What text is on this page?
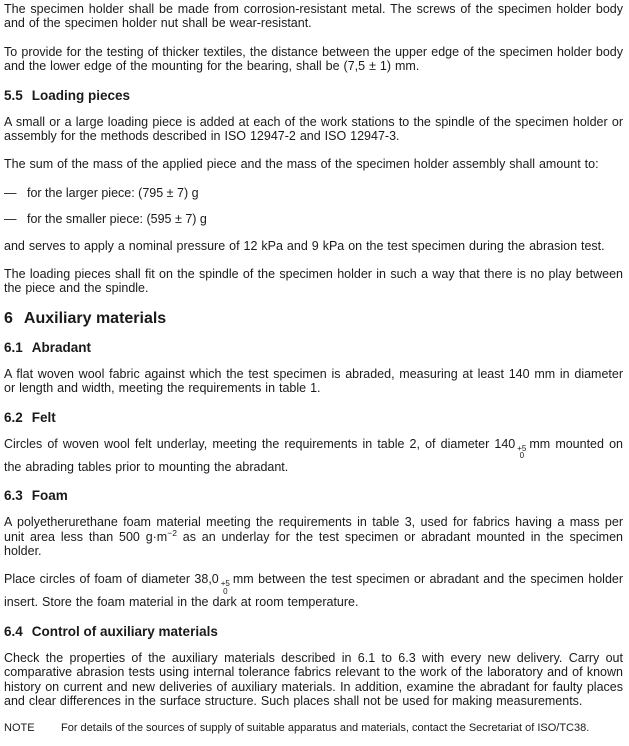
The specimen holder shall be made from corrosion-resistant metal. The screws of the specimen holder body and of the specimen holder nut shall be wear-resistant.

To provide for the testing of thicker textiles, the distance between the upper edge of the specimen holder body and the lower edge of the mounting for the bearing, shall be (7,5 ± 1) mm.

5.5 Loading pieces

A small or a large loading piece is added at each of the work stations to the spindle of the specimen holder or assembly for the methods described in ISO 12947-2 and ISO 12947-3.

The sum of the mass of the applied piece and the mass of the specimen holder assembly shall amount to:

— for the larger piece: (795 ± 7) g
— for the smaller piece: (595 ± 7) g

and serves to apply a nominal pressure of 12 kPa and 9 kPa on the test specimen during the abrasion test.

The loading pieces shall fit on the spindle of the specimen holder in such a way that there is no play between the piece and the spindle.

6 Auxiliary materials
6.1 Abradant

A flat woven wool fabric against which the test specimen is abraded, measuring at least 140 mm in diameter or length and width, meeting the requirements in table 1.

6.2 Felt

Circles of woven wool felt underlay, meeting the requirements in table 2, of diameter 140 +5
0
mm mounted on the abrading tables prior to mounting the abradant.

6.3 Foam

A polyetherurethane foam material meeting the requirements in table 3, used for fabrics having a mass per unit area less than 500 $g\cdot m^{-2}$ as an underlay for the test specimen or abradant mounted in the specimen holder.

Place circles of foam of diameter 38,0 +5
0
mm between the test specimen or abradant and the specimen holder insert. Store the foam material in the dark at room temperature.

6.4 Control of auxiliary materials

Check the properties of the auxiliary materials described in 6.1 to 6.3 with every new delivery. Carry out comparative abrasion tests using internal tolerance fabrics relevant to the work of the laboratory and of known history on current and new deliveries of auxiliary materials. In addition, examine the abradant for faulty places and clear differences in the surface structure. Such places shall not be used for making measurements.

NOTE	For details of the sources of supply of suitable apparatus and materials, contact the Secretariat of ISO/TC38.
